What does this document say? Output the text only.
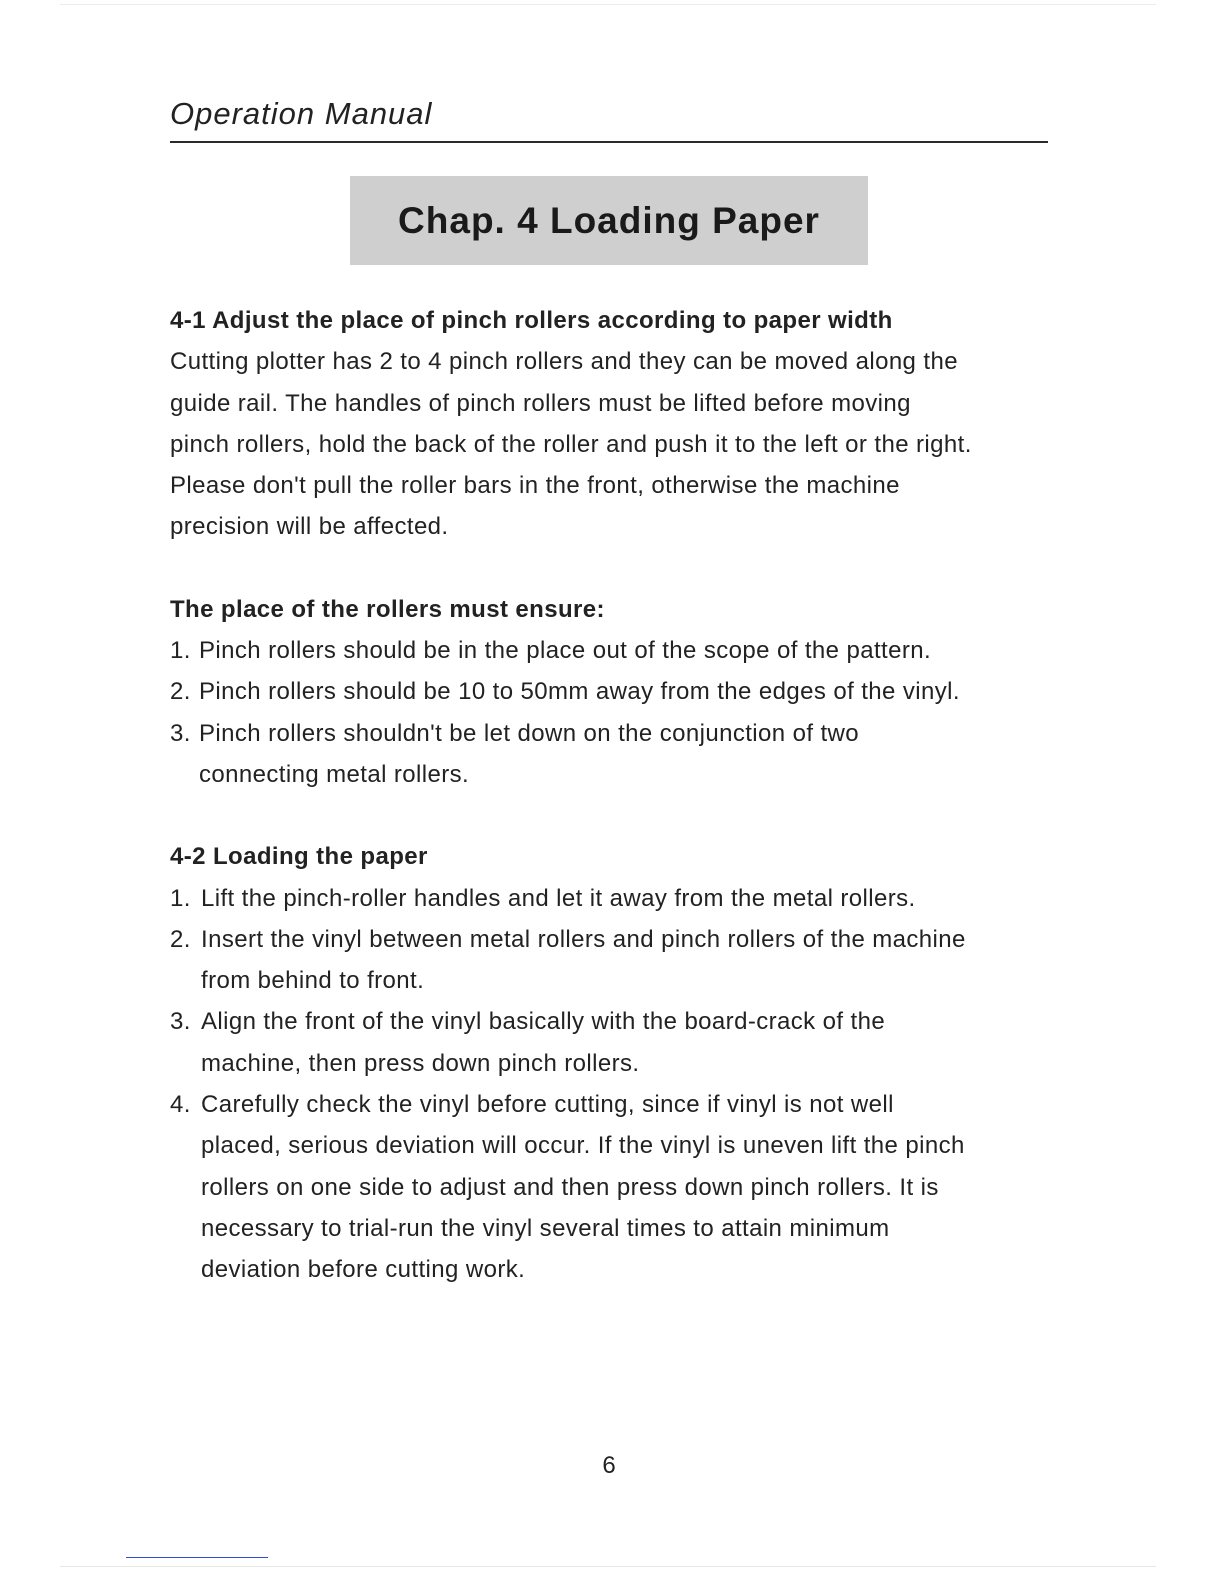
Operation Manual
Chap. 4 Loading Paper

4-1 Adjust the place of pinch rollers according to paper width

Cutting plotter has 2 to 4 pinch rollers and they can be moved along the

guide rail. The handles of pinch rollers must be lifted before moving

pinch rollers, hold the back of the roller and push it to the left or the right.

Please don't pull the roller bars in the front, otherwise the machine

precision will be affected.

The place of the rollers must ensure:

1. Pinch rollers should be in the place out of the scope of the pattern.
2. Pinch rollers should be 10 to 50mm away from the edges of the vinyl.
3. Pinch rollers shouldn't be let down on the conjunction of two
connecting metal rollers.

4-2 Loading the paper

1. Lift the pinch-roller handles and let it away from the metal rollers.
2. Insert the vinyl between metal rollers and pinch rollers of the machine
from behind to front.
3. Align the front of the vinyl basically with the board-crack of the
machine, then press down pinch rollers.
4. Carefully check the vinyl before cutting, since if vinyl is not well
placed, serious deviation will occur. If the vinyl is uneven lift the pinch
rollers on one side to adjust and then press down pinch rollers. It is
necessary to trial-run the vinyl several times to attain minimum
deviation before cutting work.
6
